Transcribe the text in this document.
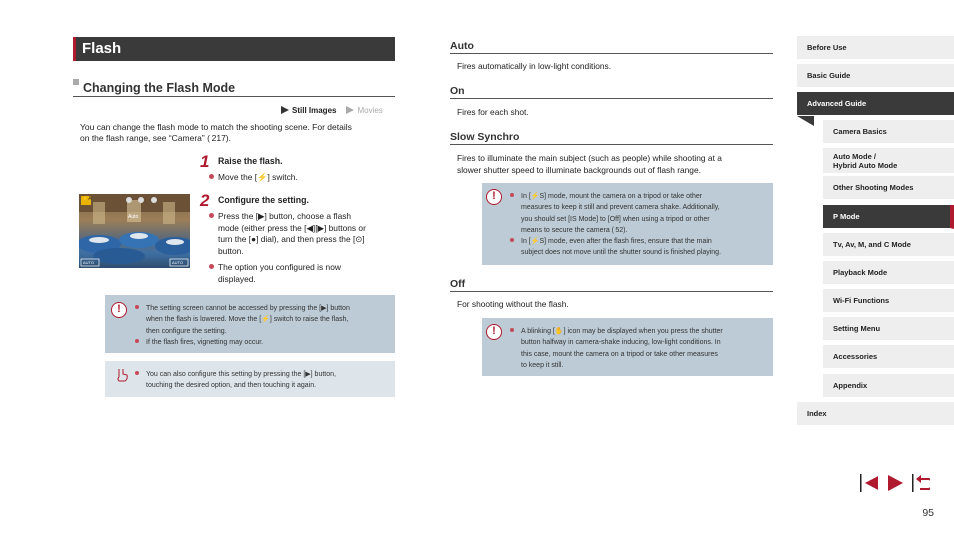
Flash
Changing the Flash Mode
Still Images	Movies
You can change the flash mode to match the shooting scene. For details
on the flash range, see “Camera” ( 217).
1 Raise the flash.
Move the [⚡] switch.
2 Configure the setting.
Press the [▶] button, choose a flash
mode (either press the [◀][▶] buttons or
turn the [●] dial), and then press the [⊙]
button.
The option you configured is now
displayed.
⚡A
Auto
AUTO	AUTO
!	The setting screen cannot be accessed by pressing the [▶] button
when the flash is lowered. Move the [⚡] switch to raise the flash,
then configure the setting.
If the flash fires, vignetting may occur.
You can also configure this setting by pressing the [▶] button,
touching the desired option, and then touching it again.
Auto
Fires automatically in low-light conditions.
On
Fires for each shot.
Slow Synchro
Fires to illuminate the main subject (such as people) while shooting at a
slower shutter speed to illuminate backgrounds out of flash range.
!	In [⚡S] mode, mount the camera on a tripod or take other
measures to keep it still and prevent camera shake. Additionally,
you should set [IS Mode] to [Off] when using a tripod or other
means to secure the camera ( 52).
In [⚡S] mode, even after the flash fires, ensure that the main
subject does not move until the shutter sound is finished playing.
Off
For shooting without the flash.
!	A blinking [✋] icon may be displayed when you press the shutter
button halfway in camera-shake inducing, low-light conditions. In
this case, mount the camera on a tripod or take other measures
to keep it still.
Before Use
Basic Guide
Advanced Guide
Camera Basics
Auto Mode /
Hybrid Auto Mode
Other Shooting Modes
P Mode
Tv, Av, M, and C Mode
Playback Mode
Wi-Fi Functions
Setting Menu
Accessories
Appendix
Index
95
